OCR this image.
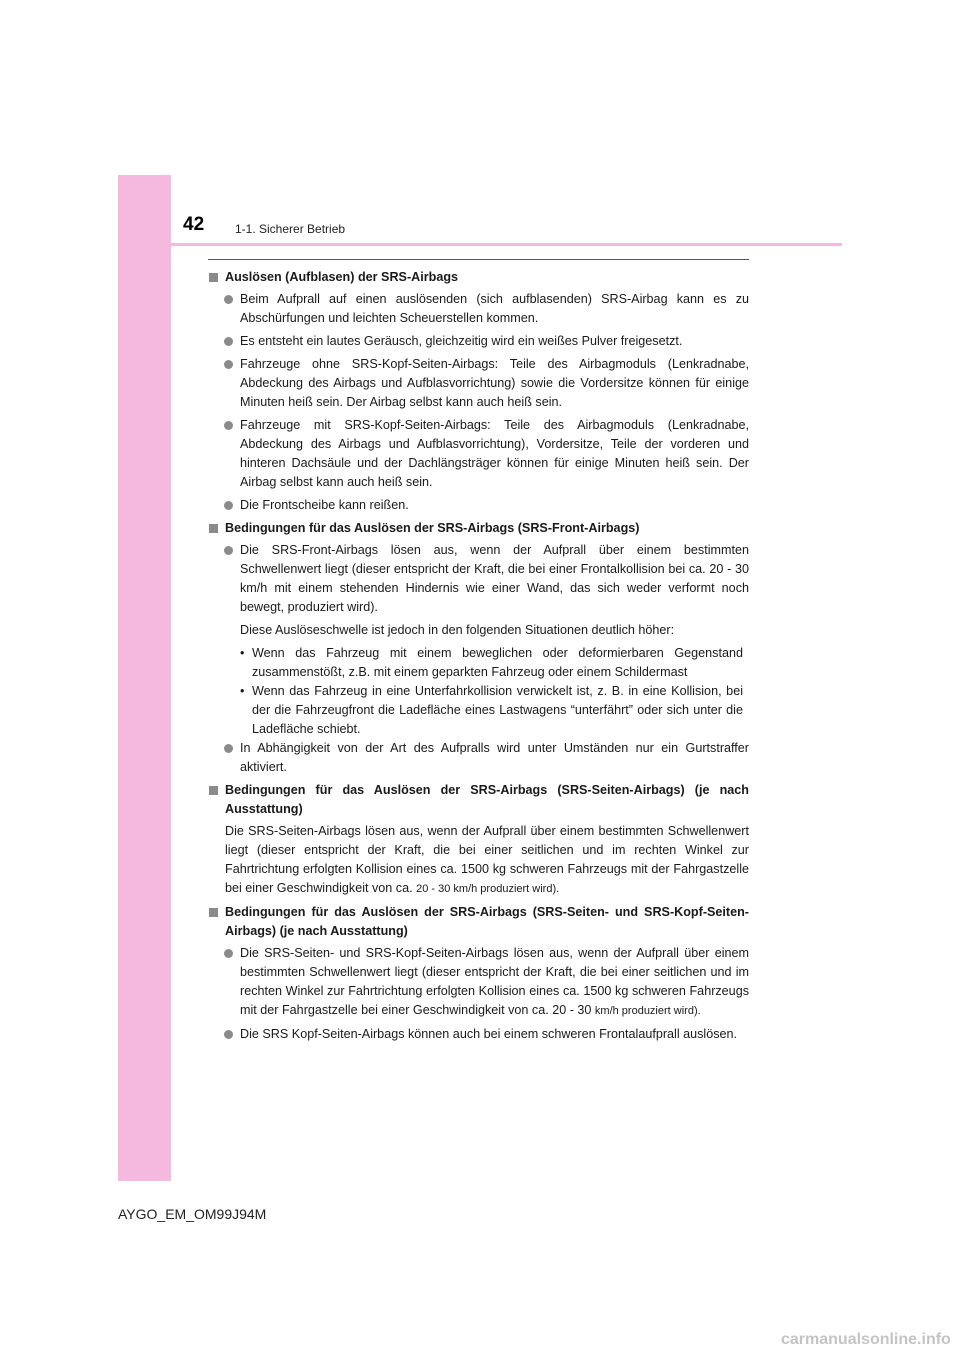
42	1-1. Sicherer Betrieb
Auslösen (Aufblasen) der SRS-Airbags
Beim Aufprall auf einen auslösenden (sich aufblasenden) SRS-Airbag kann es zu Abschürfungen und leichten Scheuerstellen kommen.
Es entsteht ein lautes Geräusch, gleichzeitig wird ein weißes Pulver freigesetzt.
Fahrzeuge ohne SRS-Kopf-Seiten-Airbags: Teile des Airbagmoduls (Lenkradnabe, Abdeckung des Airbags und Aufblasvorrichtung) sowie die Vordersitze können für einige Minuten heiß sein. Der Airbag selbst kann auch heiß sein.
Fahrzeuge mit SRS-Kopf-Seiten-Airbags: Teile des Airbagmoduls (Lenkradnabe, Abdeckung des Airbags und Aufblasvorrichtung), Vordersitze, Teile der vorderen und hinteren Dachsäule und der Dachlängsträger können für einige Minuten heiß sein. Der Airbag selbst kann auch heiß sein.
Die Frontscheibe kann reißen.
Bedingungen für das Auslösen der SRS-Airbags (SRS-Front-Airbags)
Die SRS-Front-Airbags lösen aus, wenn der Aufprall über einem bestimmten Schwellenwert liegt (dieser entspricht der Kraft, die bei einer Frontalkollision bei ca. 20 - 30 km/h mit einem stehenden Hindernis wie einer Wand, das sich weder verformt noch bewegt, produziert wird).
Diese Auslöseschwelle ist jedoch in den folgenden Situationen deutlich höher:
• Wenn das Fahrzeug mit einem beweglichen oder deformierbaren Gegenstand zusammenstößt, z.B. mit einem geparkten Fahrzeug oder einem Schildermast
• Wenn das Fahrzeug in eine Unterfahrkollision verwickelt ist, z. B. in eine Kollision, bei der die Fahrzeugfront die Ladefläche eines Lastwagens “unterfährt” oder sich unter die Ladefläche schiebt.
In Abhängigkeit von der Art des Aufpralls wird unter Umständen nur ein Gurtstraffer aktiviert.
Bedingungen für das Auslösen der SRS-Airbags (SRS-Seiten-Airbags) (je nach Ausstattung)
Die SRS-Seiten-Airbags lösen aus, wenn der Aufprall über einem bestimmten Schwellenwert liegt (dieser entspricht der Kraft, die bei einer seitlichen und im rechten Winkel zur Fahrtrichtung erfolgten Kollision eines ca. 1500 kg schweren Fahrzeugs mit der Fahrgastzelle bei einer Geschwindigkeit von ca. 20 - 30 km/h produziert wird).
Bedingungen für das Auslösen der SRS-Airbags (SRS-Seiten- und SRS-Kopf-Seiten-Airbags) (je nach Ausstattung)
Die SRS-Seiten- und SRS-Kopf-Seiten-Airbags lösen aus, wenn der Aufprall über einem bestimmten Schwellenwert liegt (dieser entspricht der Kraft, die bei einer seitlichen und im rechten Winkel zur Fahrtrichtung erfolgten Kollision eines ca. 1500 kg schweren Fahrzeugs mit der Fahrgastzelle bei einer Geschwindigkeit von ca. 20 - 30 km/h produziert wird).
Die SRS Kopf-Seiten-Airbags können auch bei einem schweren Frontalaufprall auslösen.
AYGO_EM_OM99J94M
carmanualsonline.info
